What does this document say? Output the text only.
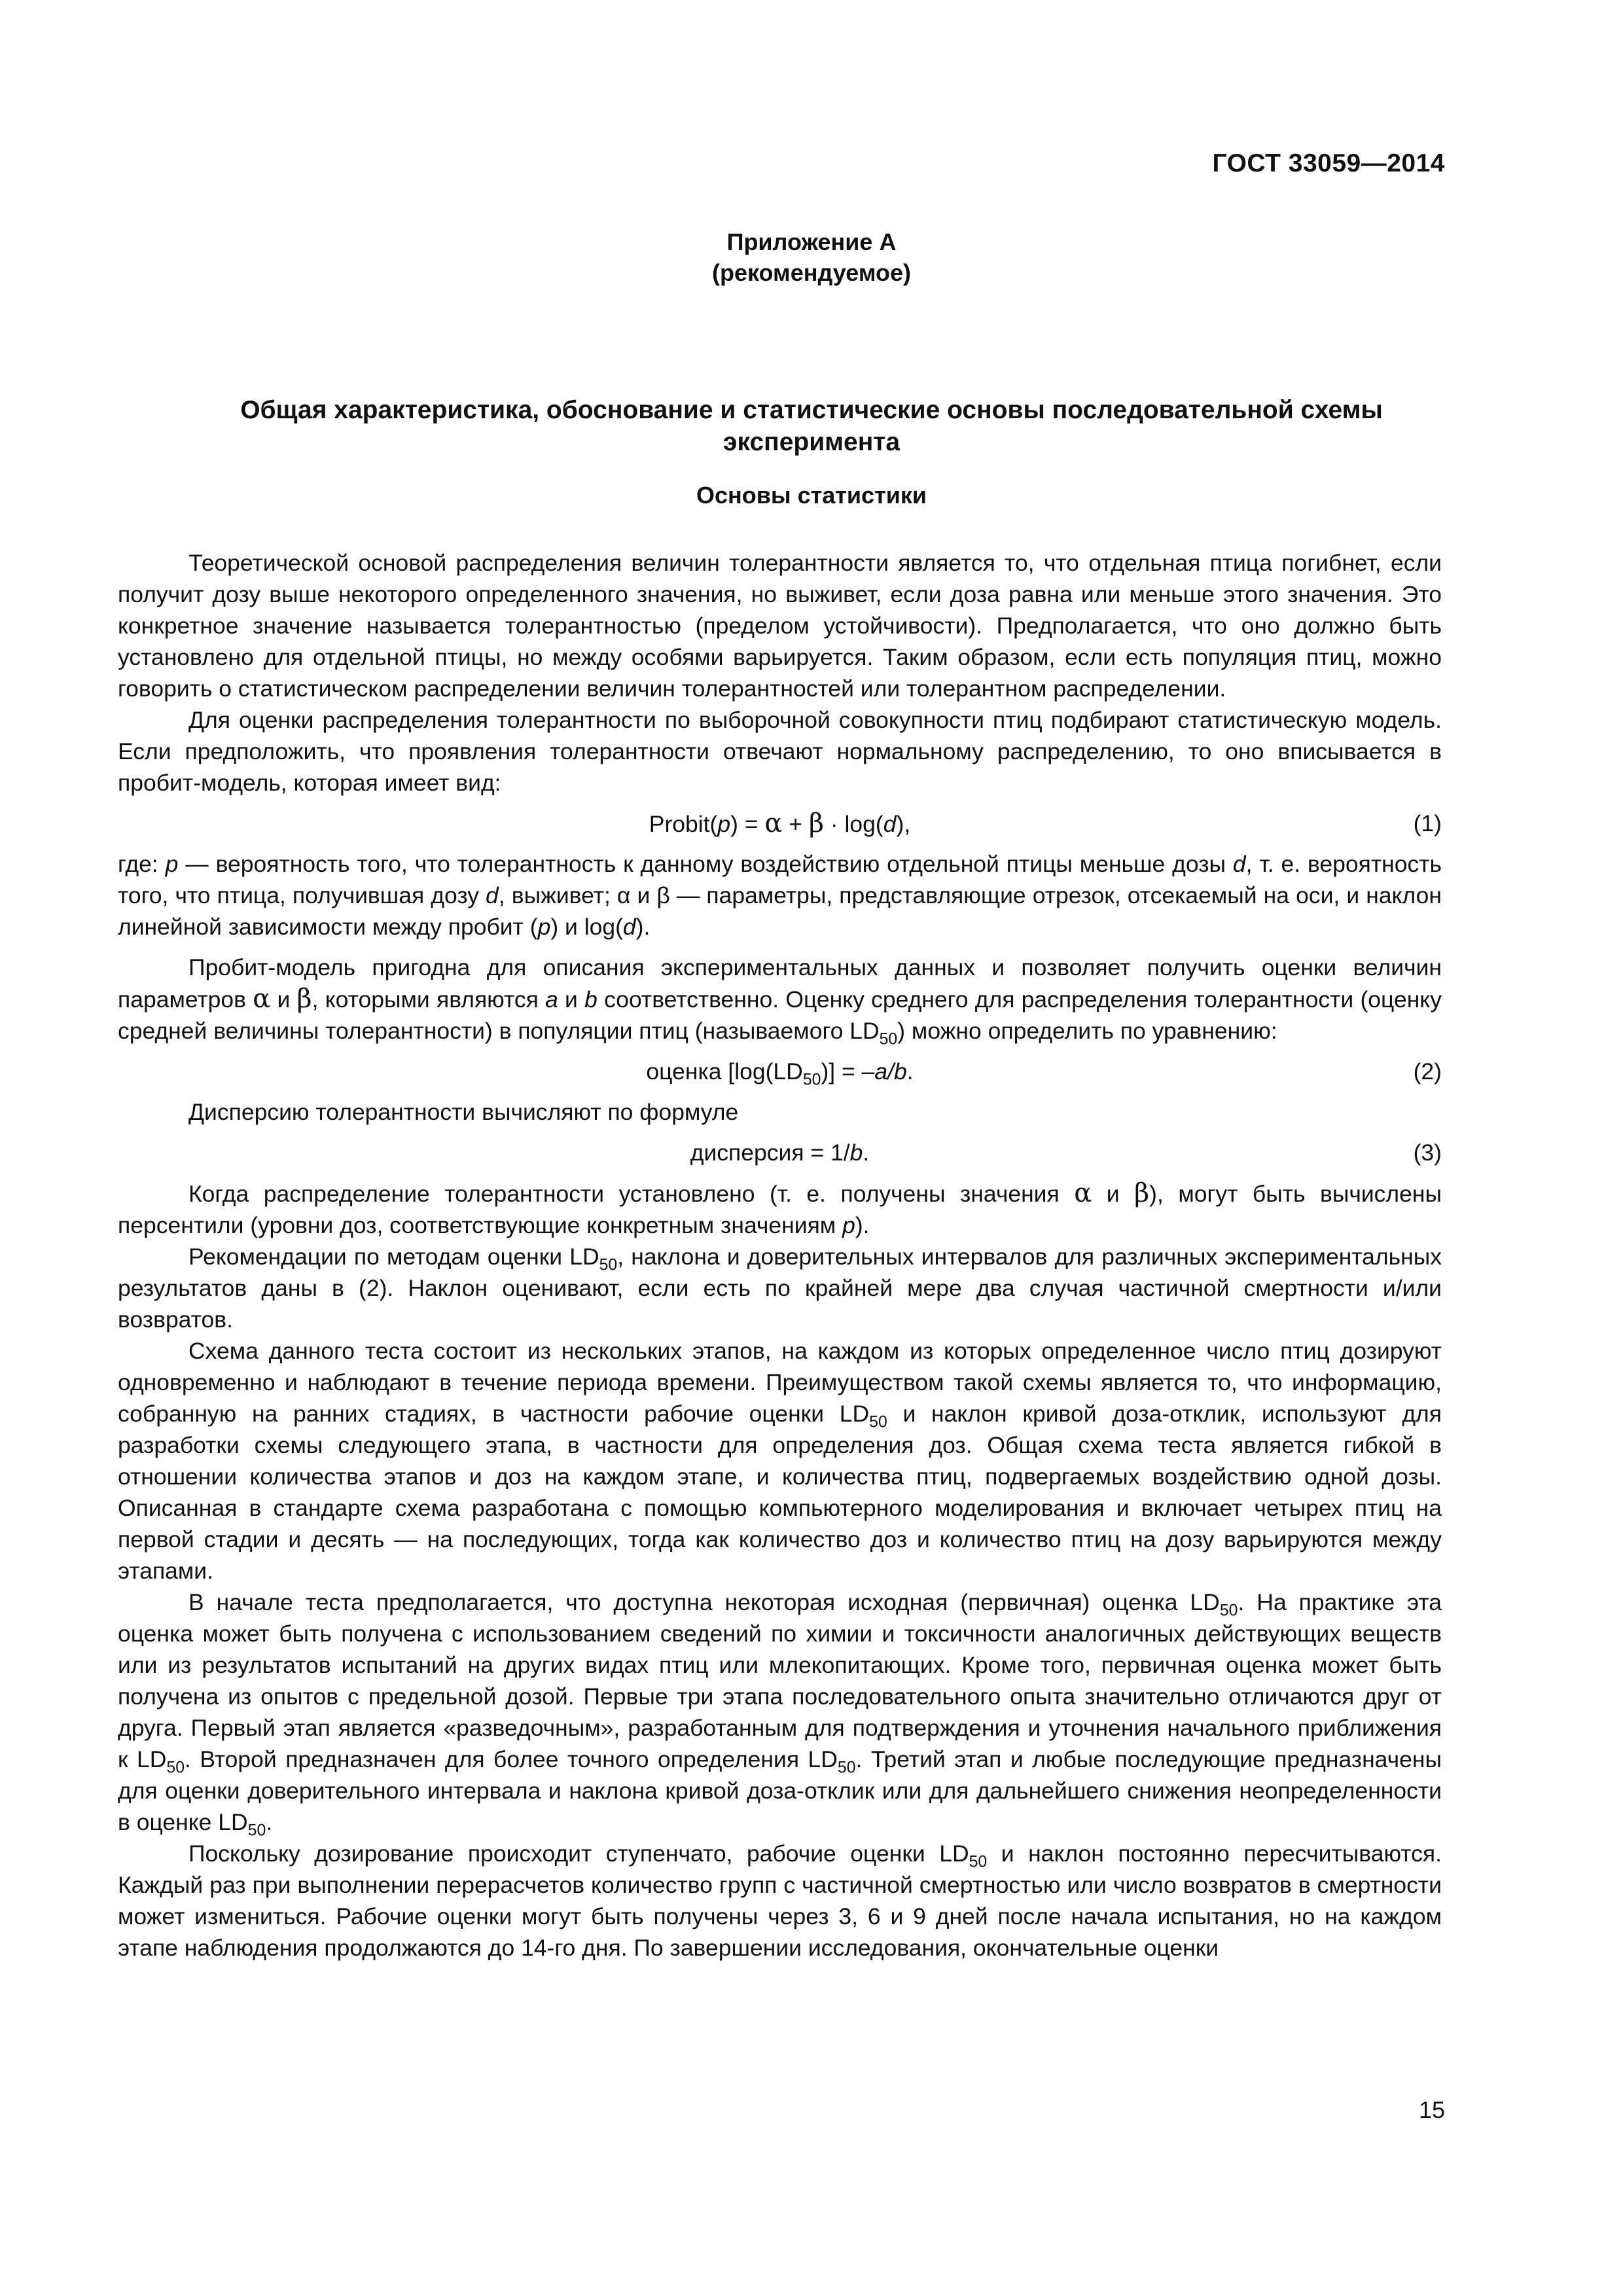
ГОСТ 33059—2014
Приложение А
(рекомендуемое)
Общая характеристика, обоснование и статистические основы последовательной схемы
эксперимента
Основы статистики

Теоретической основой распределения величин толерантности является то, что отдельная птица погибнет, если получит дозу выше некоторого определенного значения, но выживет, если доза равна или меньше этого значения. Это конкретное значение называется толерантностью (пределом устойчивости). Предполагается, что оно должно быть установлено для отдельной птицы, но между особями варьируется. Таким образом, если есть популяция птиц, можно говорить о статистическом распределении величин толерантностей или толерантном распределении.

Для оценки распределения толерантности по выборочной совокупности птиц подбирают статистическую модель. Если предположить, что проявления толерантности отвечают нормальному распределению, то оно вписывается в пробит-модель, которая имеет вид:

Probit(p) = α + β · log(d),	(1)

где: p — вероятность того, что толерантность к данному воздействию отдельной птицы меньше дозы d, т. е. вероятность того, что птица, получившая дозу d, выживет; α и β — параметры, представляющие отрезок, отсекаемый на оси, и наклон линейной зависимости между пробит (p) и log(d).

Пробит-модель пригодна для описания экспериментальных данных и позволяет получить оценки величин параметров α и β, которыми являются a и b соответственно. Оценку среднего для распределения толерантности (оценку средней величины толерантности) в популяции птиц (называемого $LD_{50}$) можно определить по уравнению:

оценка $[\log(LD_{50})] = -a/b$.	(2)

Дисперсию толерантности вычисляют по формуле

дисперсия = 1/b.	(3)

Когда распределение толерантности установлено (т. е. получены значения α и β), могут быть вычислены персентили (уровни доз, соответствующие конкретным значениям p).

Рекомендации по методам оценки $LD_{50}$, наклона и доверительных интервалов для различных экспериментальных результатов даны в (2). Наклон оценивают, если есть по крайней мере два случая частичной смертности и/или возвратов.

Схема данного теста состоит из нескольких этапов, на каждом из которых определенное число птиц дозируют одновременно и наблюдают в течение периода времени. Преимуществом такой схемы является то, что информацию, собранную на ранних стадиях, в частности рабочие оценки $LD_{50}$ и наклон кривой доза-отклик, используют для разработки схемы следующего этапа, в частности для определения доз. Общая схема теста является гибкой в отношении количества этапов и доз на каждом этапе, и количества птиц, подвергаемых воздействию одной дозы. Описанная в стандарте схема разработана с помощью компьютерного моделирования и включает четырех птиц на первой стадии и десять — на последующих, тогда как количество доз и количество птиц на дозу варьируются между этапами.

В начале теста предполагается, что доступна некоторая исходная (первичная) оценка $LD_{50}$. На практике эта оценка может быть получена с использованием сведений по химии и токсичности аналогичных действующих веществ или из результатов испытаний на других видах птиц или млекопитающих. Кроме того, первичная оценка может быть получена из опытов с предельной дозой. Первые три этапа последовательного опыта значительно отличаются друг от друга. Первый этап является «разведочным», разработанным для подтверждения и уточнения начального приближения к $LD_{50}$. Второй предназначен для более точного определения $LD_{50}$. Третий этап и любые последующие предназначены для оценки доверительного интервала и наклона кривой доза-отклик или для дальнейшего снижения неопределенности в оценке $LD_{50}$.

Поскольку дозирование происходит ступенчато, рабочие оценки $LD_{50}$ и наклон постоянно пересчитываются. Каждый раз при выполнении перерасчетов количество групп с частичной смертностью или число возвратов в смертности может измениться. Рабочие оценки могут быть получены через 3, 6 и 9 дней после начала испытания, но на каждом этапе наблюдения продолжаются до 14-го дня. По завершении исследования, окончательные оценки

15
